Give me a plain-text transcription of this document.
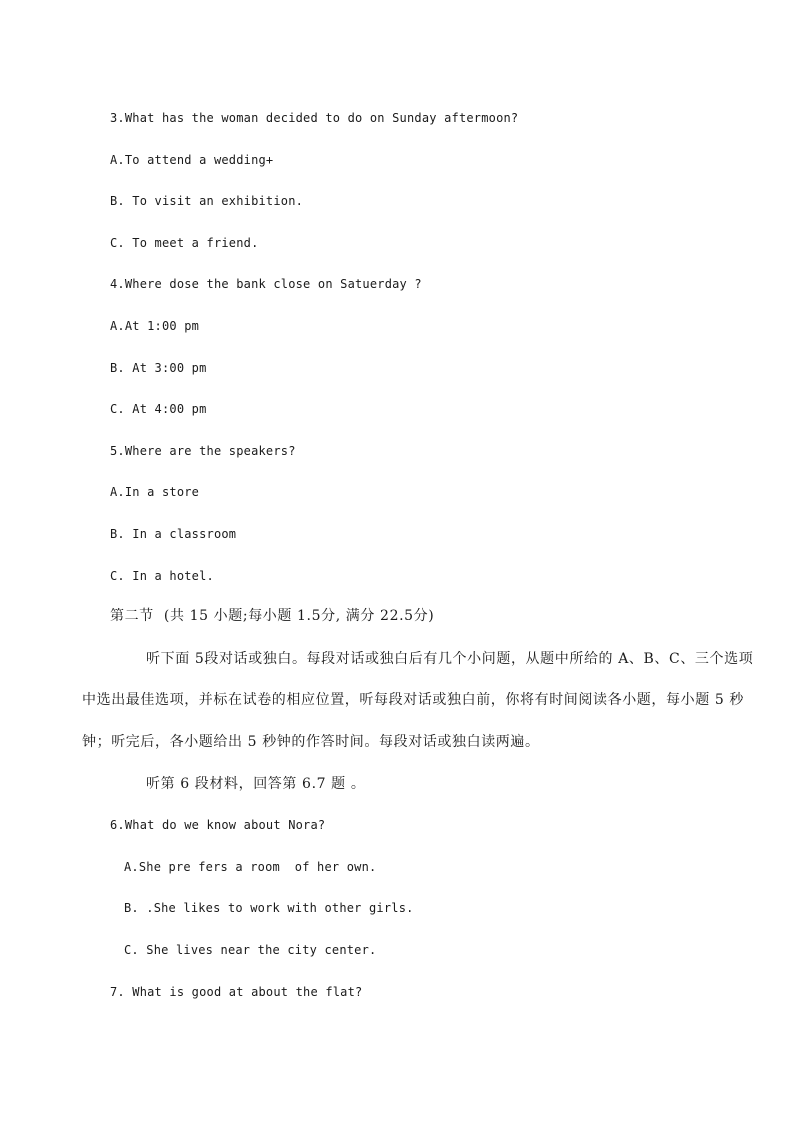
3.What has the woman decided to do on Sunday aftermoon?
A.To attend a wedding+
B. To visit an exhibition.
C. To meet a friend.
4.Where dose the bank close on Satuerday ?
A.At 1:00 pm
B. At 3:00 pm
C. At 4:00 pm
5.Where are the speakers?
A.In a store
B. In a classroom
C. In a hotel.
第二节  (共 15 小题;每小题 1.5分, 满分 22.5分)
听下面 5段对话或独白。每段对话或独白后有几个小问题，从题中所给的 A、B、C、三个选项
中选出最佳选项，并标在试卷的相应位置，听每段对话或独白前，你将有时间阅读各小题，每小题 5 秒
钟；听完后，各小题给出 5 秒钟的作答时间。每段对话或独白读两遍。
听第 6 段材料，回答第 6.7 题 。
6.What do we know about Nora?
A.She pre fers a room  of her own.
B. .She likes to work with other girls.
C. She lives near the city center.
7. What is good at about the flat?
